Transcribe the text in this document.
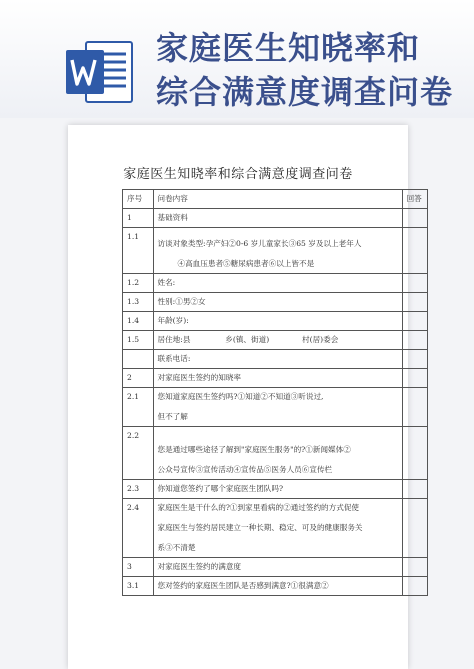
家庭医生知晓率和
综合满意度调查问卷
家庭医生知晓率和综合满意度调查问卷
序号	问卷内容	回答
1	基础资料	
1.1	访谈对象类型:孕产妇②0-6 岁儿童家长③65 岁及以上老年人
④高血压患者⑤糖尿病患者⑥以上皆不是	

1.2	姓名:	
1.3	性别:①男②女	
1.4	年龄(岁):	
1.5	居住地:县 乡(镇、街道) 村(居)委会	
	联系电话:	
2	对家庭医生签约的知晓率	
2.1	您知道家庭医生签约吗?①知道②不知道③听说过,
但不了解	

2.2	您是通过哪些途径了解到"家庭医生服务"的?①新闻媒体②
公众号宣传③宣传活动④宣传品⑤医务人员⑥宣传栏	

2.3	你知道您签约了哪个家庭医生团队吗?	
2.4	家庭医生是干什么的?①到家里看病的②通过签约的方式促使
家庭医生与签约居民建立一种长期、稳定、可及的健康服务关
系③不清楚	

3	对家庭医生签约的满意度	
3.1	您对签约的家庭医生团队是否感到满意?①很满意②	
